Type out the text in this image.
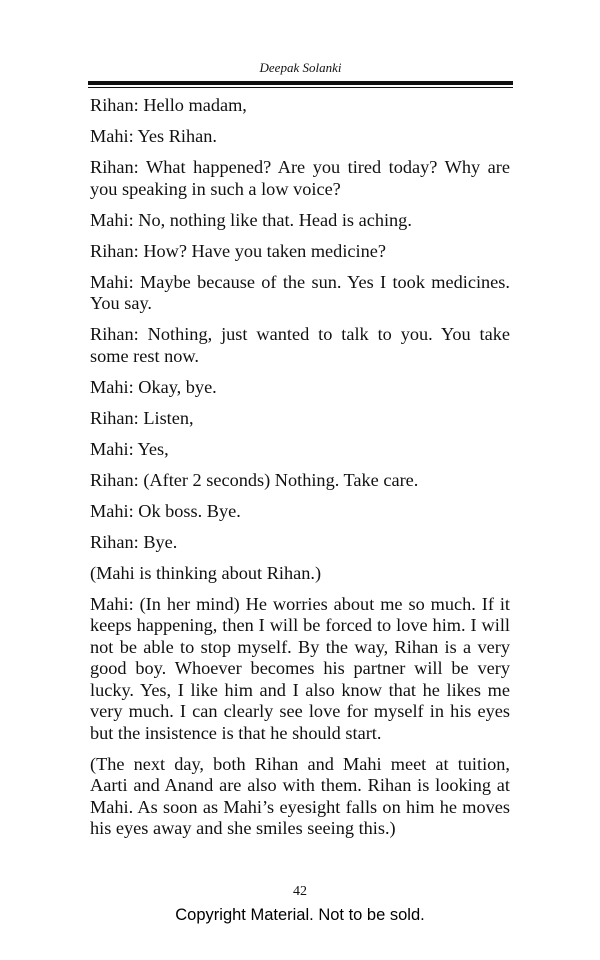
Deepak Solanki

Rihan: Hello madam,

Mahi: Yes Rihan.

Rihan: What happened? Are you tired today? Why are you speaking in such a low voice?

Mahi: No, nothing like that. Head is aching.

Rihan: How? Have you taken medicine?

Mahi: Maybe because of the sun. Yes I took medicines. You say.

Rihan: Nothing, just wanted to talk to you. You take some rest now.

Mahi: Okay, bye.

Rihan: Listen,

Mahi: Yes,

Rihan: (After 2 seconds) Nothing. Take care.

Mahi: Ok boss. Bye.

Rihan: Bye.

(Mahi is thinking about Rihan.)

Mahi: (In her mind) He worries about me so much. If it keeps happening, then I will be forced to love him. I will not be able to stop myself. By the way, Rihan is a very good boy. Whoever becomes his partner will be very lucky. Yes, I like him and I also know that he likes me very much. I can clearly see love for myself in his eyes but the insistence is that he should start.

(The next day, both Rihan and Mahi meet at tuition, Aarti and Anand are also with them. Rihan is looking at Mahi. As soon as Mahi’s eyesight falls on him he moves his eyes away and she smiles seeing this.)

42
Copyright Material. Not to be sold.
